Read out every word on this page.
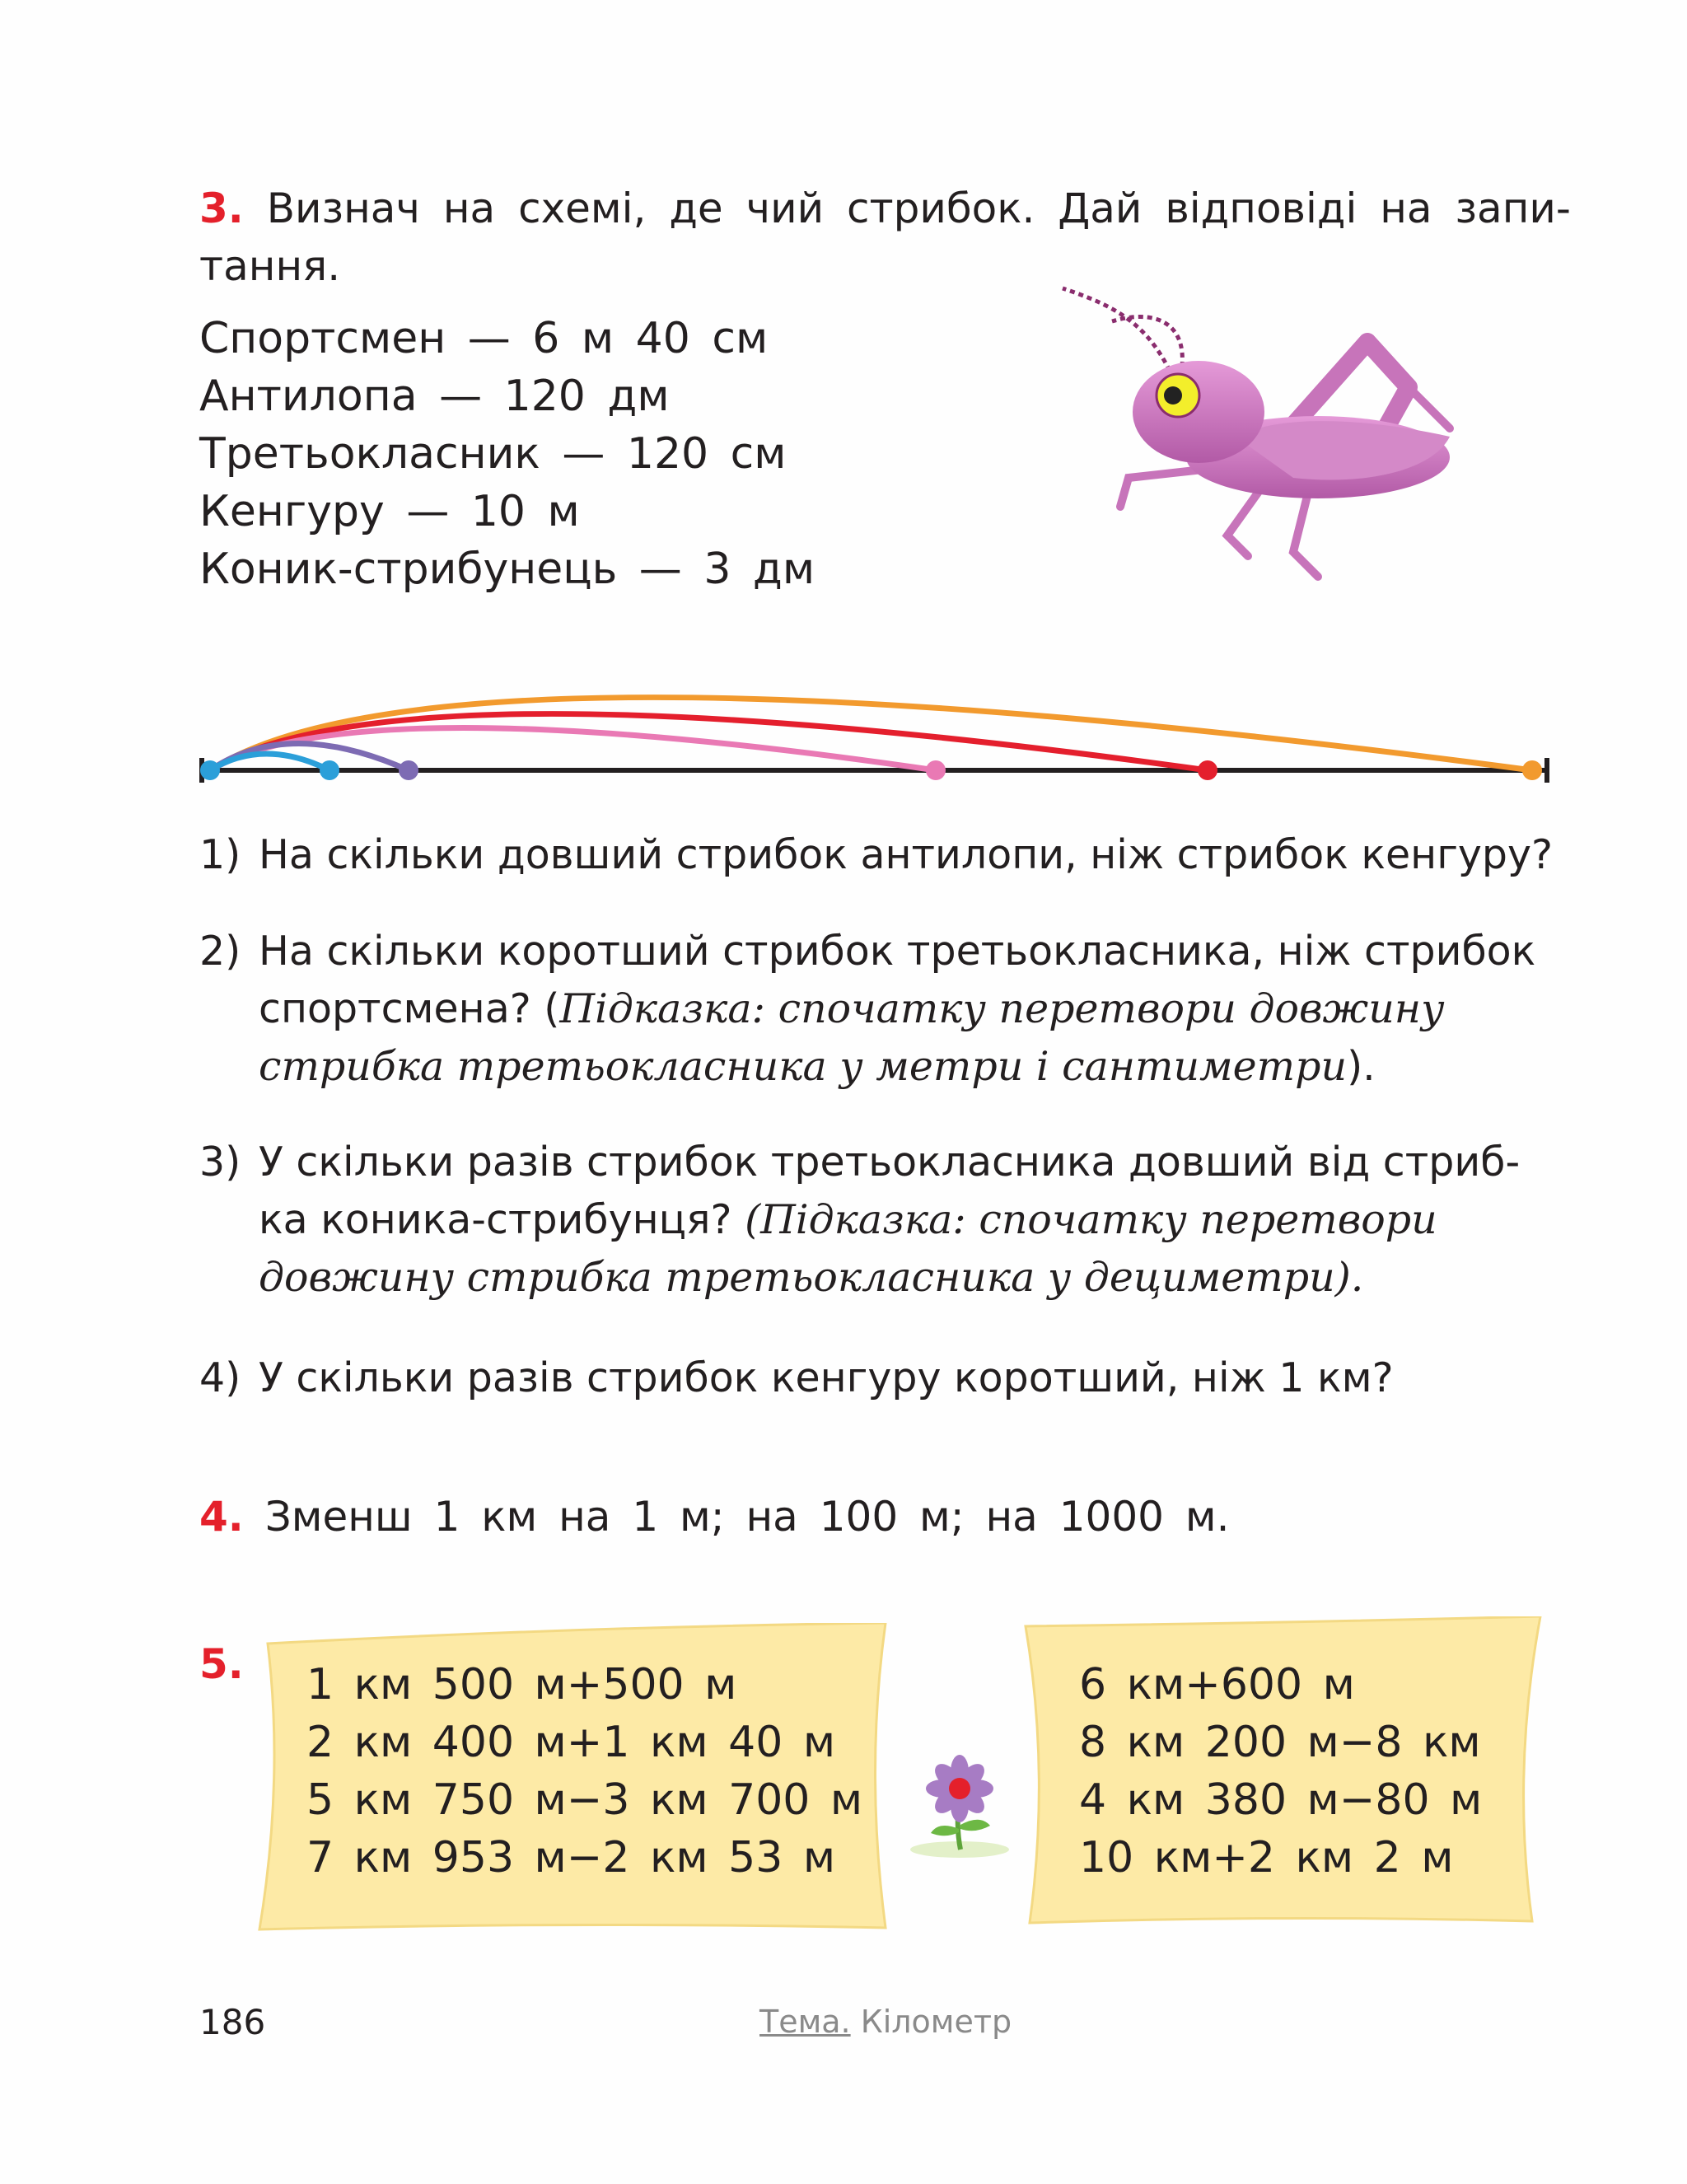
3. Визнач на схемі, де чий стрибок. Дай відповіді на запи-
тання.
Спортсмен — 6 м 40 см
Антилопа — 120 дм
Третьокласник — 120 см
Кенгуру — 10 м
Коник-стрибунець — 3 дм
1) На скільки довший стрибок антилопи, ніж стрибок кенгуру?
2) На скільки коротший стрибок третьокласника, ніж стрибок
спортсмена? (Підказка: спочатку перетвори довжину
стрибка третьокласника у метри і сантиметри).
3) У скільки разів стрибок третьокласника довший від стриб-
ка коника-стрибунця? (Підказка: спочатку перетвори
довжину стрибка третьокласника у дециметри).
4) У скільки разів стрибок кенгуру коротший, ніж 1 км?
4. Зменш 1 км на 1 м; на 100 м; на 1000 м.
5. 1 км 500 м+500 м
2 км 400 м+1 км 40 м
5 км 750 м−3 км 700 м
7 км 953 м−2 км 53 м
6 км+600 м
8 км 200 м−8 км
4 км 380 м−80 м
10 км+2 км 2 м
186	Тема. Кілометр
